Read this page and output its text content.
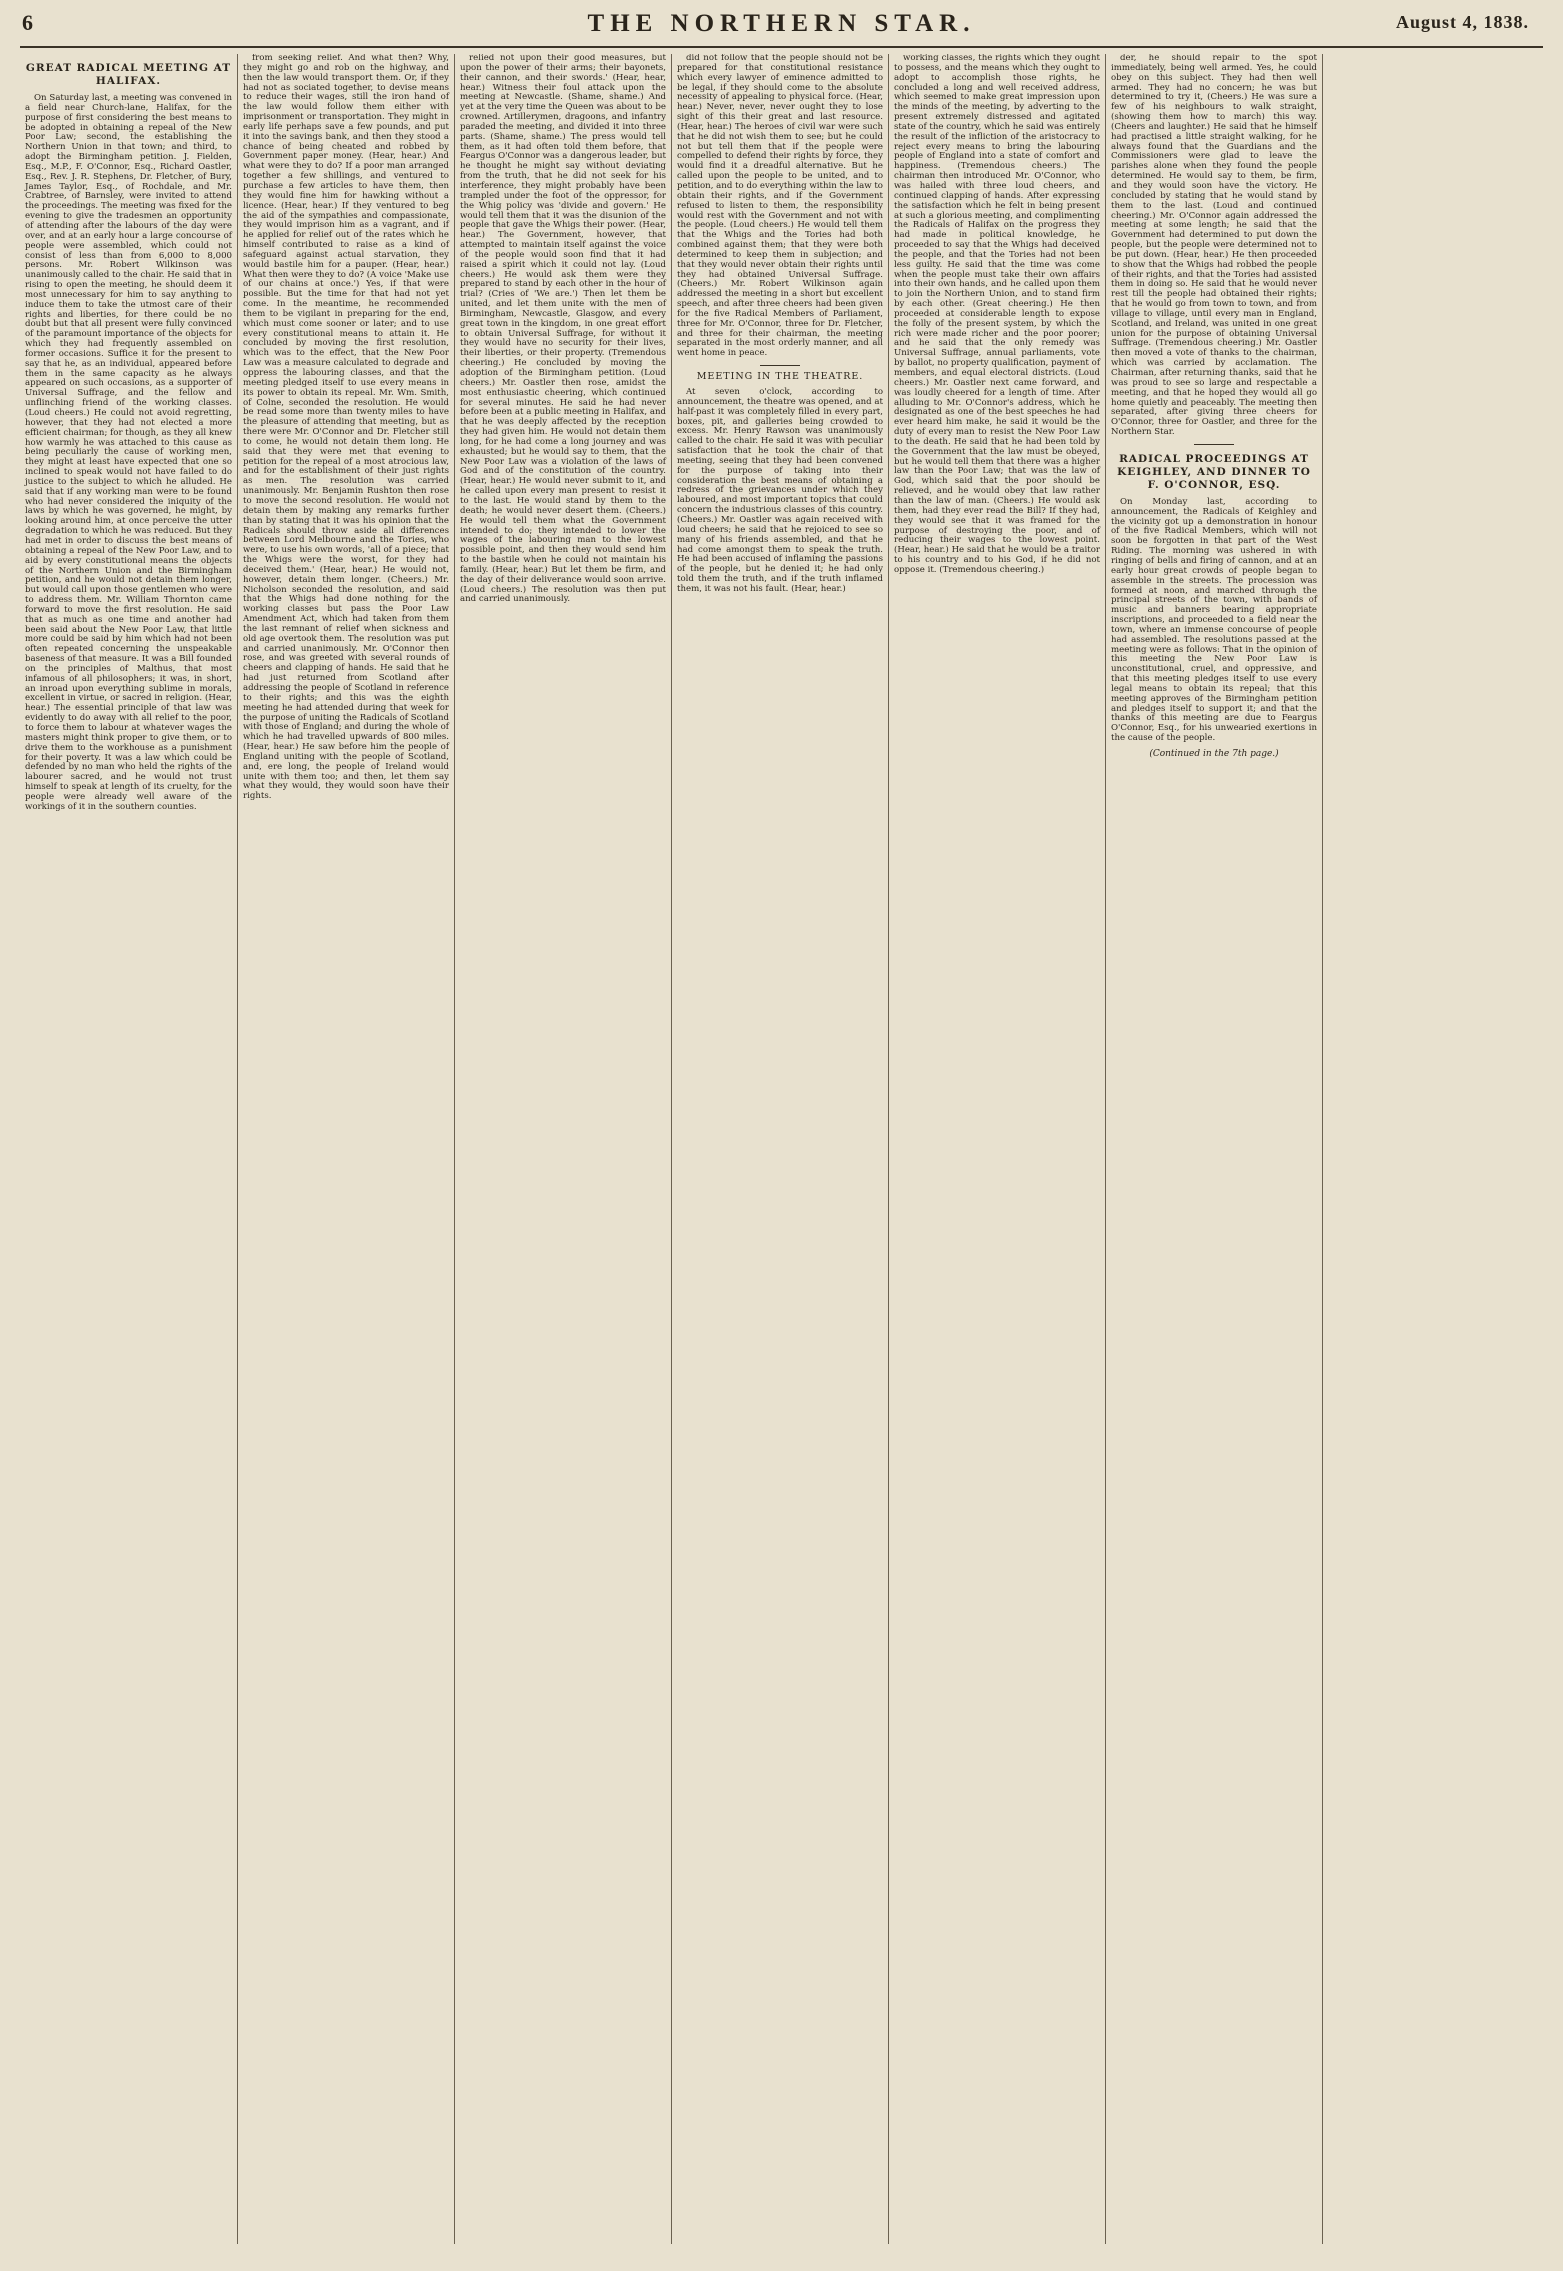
6	THE NORTHERN STAR.	August 4, 1838.
GREAT RADICAL MEETING AT HALIFAX.

On Saturday last, a meeting was convened in a field near Church-lane, Halifax, for the purpose of first considering the best means to be adopted in obtaining a repeal of the New Poor Law; second, the establishing the Northern Union in that town; and third, to adopt the Birmingham petition. J. Fielden, Esq., M.P., F. O'Connor, Esq., Richard Oastler, Esq., Rev. J. R. Stephens, Dr. Fletcher, of Bury, James Taylor, Esq., of Rochdale, and Mr. Crabtree, of Barnsley, were invited to attend the proceedings. The meeting was fixed for the evening to give the tradesmen an opportunity of attending after the labours of the day were over, and at an early hour a large concourse of people were assembled, which could not consist of less than from 6,000 to 8,000 persons. Mr. Robert Wilkinson was unanimously called to the chair. He said that in rising to open the meeting, he should deem it most unnecessary for him to say anything to induce them to take the utmost care of their rights and liberties, for there could be no doubt but that all present were fully convinced of the paramount importance of the objects for which they had frequently assembled on former occasions. Suffice it for the present to say that he, as an individual, appeared before them in the same capacity as he always appeared on such occasions, as a supporter of Universal Suffrage, and the fellow and unflinching friend of the working classes. (Loud cheers.) He could not avoid regretting, however, that they had not elected a more efficient chairman; for though, as they all knew how warmly he was attached to this cause as being peculiarly the cause of working men, they might at least have expected that one so inclined to speak would not have failed to do justice to the subject to which he alluded. He said that if any working man were to be found who had never considered the iniquity of the laws by which he was governed, he might, by looking around him, at once perceive the utter degradation to which he was reduced. But they had met in order to discuss the best means of obtaining a repeal of the New Poor Law, and to aid by every constitutional means the objects of the Northern Union and the Birmingham petition, and he would not detain them longer, but would call upon those gentlemen who were to address them. Mr. William Thornton came forward to move the first resolution. He said that as much as one time and another had been said about the New Poor Law, that little more could be said by him which had not been often repeated concerning the unspeakable baseness of that measure. It was a Bill founded on the principles of Malthus, that most infamous of all philosophers; it was, in short, an inroad upon everything sublime in morals, excellent in virtue, or sacred in religion. (Hear, hear.) The essential principle of that law was evidently to do away with all relief to the poor, to force them to labour at whatever wages the masters might think proper to give them, or to drive them to the workhouse as a punishment for their poverty. It was a law which could be defended by no man who held the rights of the labourer sacred, and he would not trust himself to speak at length of its cruelty, for the people were already well aware of the workings of it in the southern counties.

from seeking relief. And what then? Why, they might go and rob on the highway, and then the law would transport them. Or, if they had not as sociated together, to devise means to reduce their wages, still the iron hand of the law would follow them either with imprisonment or transportation. They might in early life perhaps save a few pounds, and put it into the savings bank, and then they stood a chance of being cheated and robbed by Government paper money. (Hear, hear.) And what were they to do? If a poor man arranged together a few shillings, and ventured to purchase a few articles to have them, then they would fine him for hawking without a licence. (Hear, hear.) If they ventured to beg the aid of the sympathies and compassionate, they would imprison him as a vagrant, and if he applied for relief out of the rates which he himself contributed to raise as a kind of safeguard against actual starvation, they would bastile him for a pauper. (Hear, hear.) What then were they to do? (A voice 'Make use of our chains at once.') Yes, if that were possible. But the time for that had not yet come. In the meantime, he recommended them to be vigilant in preparing for the end, which must come sooner or later; and to use every constitutional means to attain it. He concluded by moving the first resolution, which was to the effect, that the New Poor Law was a measure calculated to degrade and oppress the labouring classes, and that the meeting pledged itself to use every means in its power to obtain its repeal. Mr. Wm. Smith, of Colne, seconded the resolution. He would be read some more than twenty miles to have the pleasure of attending that meeting, but as there were Mr. O'Connor and Dr. Fletcher still to come, he would not detain them long. He said that they were met that evening to petition for the repeal of a most atrocious law, and for the establishment of their just rights as men. The resolution was carried unanimously. Mr. Benjamin Rushton then rose to move the second resolution. He would not detain them by making any remarks further than by stating that it was his opinion that the Radicals should throw aside all differences between Lord Melbourne and the Tories, who were, to use his own words, 'all of a piece; that the Whigs were the worst, for they had deceived them.' (Hear, hear.) He would not, however, detain them longer. (Cheers.) Mr. Nicholson seconded the resolution, and said that the Whigs had done nothing for the working classes but pass the Poor Law Amendment Act, which had taken from them the last remnant of relief when sickness and old age overtook them. The resolution was put and carried unanimously. Mr. O'Connor then rose, and was greeted with several rounds of cheers and clapping of hands. He said that he had just returned from Scotland after addressing the people of Scotland in reference to their rights; and this was the eighth meeting he had attended during that week for the purpose of uniting the Radicals of Scotland with those of England; and during the whole of which he had travelled upwards of 800 miles. (Hear, hear.) He saw before him the people of England uniting with the people of Scotland, and, ere long, the people of Ireland would unite with them too; and then, let them say what they would, they would soon have their rights.

relied not upon their good measures, but upon the power of their arms; their bayonets, their cannon, and their swords.' (Hear, hear, hear.) Witness their foul attack upon the meeting at Newcastle. (Shame, shame.) And yet at the very time the Queen was about to be crowned. Artillerymen, dragoons, and infantry paraded the meeting, and divided it into three parts. (Shame, shame.) The press would tell them, as it had often told them before, that Feargus O'Connor was a dangerous leader, but he thought he might say without deviating from the truth, that he did not seek for his interference, they might probably have been trampled under the foot of the oppressor, for the Whig policy was 'divide and govern.' He would tell them that it was the disunion of the people that gave the Whigs their power. (Hear, hear.) The Government, however, that attempted to maintain itself against the voice of the people would soon find that it had raised a spirit which it could not lay. (Loud cheers.) He would ask them were they prepared to stand by each other in the hour of trial? (Cries of 'We are.') Then let them be united, and let them unite with the men of Birmingham, Newcastle, Glasgow, and every great town in the kingdom, in one great effort to obtain Universal Suffrage, for without it they would have no security for their lives, their liberties, or their property. (Tremendous cheering.) He concluded by moving the adoption of the Birmingham petition. (Loud cheers.) Mr. Oastler then rose, amidst the most enthusiastic cheering, which continued for several minutes. He said he had never before been at a public meeting in Halifax, and that he was deeply affected by the reception they had given him. He would not detain them long, for he had come a long journey and was exhausted; but he would say to them, that the New Poor Law was a violation of the laws of God and of the constitution of the country. (Hear, hear.) He would never submit to it, and he called upon every man present to resist it to the last. He would stand by them to the death; he would never desert them. (Cheers.) He would tell them what the Government intended to do; they intended to lower the wages of the labouring man to the lowest possible point, and then they would send him to the bastile when he could not maintain his family. (Hear, hear.) But let them be firm, and the day of their deliverance would soon arrive. (Loud cheers.) The resolution was then put and carried unanimously.

did not follow that the people should not be prepared for that constitutional resistance which every lawyer of eminence admitted to be legal, if they should come to the absolute necessity of appealing to physical force. (Hear, hear.) Never, never, never ought they to lose sight of this their great and last resource. (Hear, hear.) The heroes of civil war were such that he did not wish them to see; but he could not but tell them that if the people were compelled to defend their rights by force, they would find it a dreadful alternative. But he called upon the people to be united, and to petition, and to do everything within the law to obtain their rights, and if the Government refused to listen to them, the responsibility would rest with the Government and not with the people. (Loud cheers.) He would tell them that the Whigs and the Tories had both combined against them; that they were both determined to keep them in subjection; and that they would never obtain their rights until they had obtained Universal Suffrage. (Cheers.) Mr. Robert Wilkinson again addressed the meeting in a short but excellent speech, and after three cheers had been given for the five Radical Members of Parliament, three for Mr. O'Connor, three for Dr. Fletcher, and three for their chairman, the meeting separated in the most orderly manner, and all went home in peace.

MEETING IN THE THEATRE.

At seven o'clock, according to announcement, the theatre was opened, and at half-past it was completely filled in every part, boxes, pit, and galleries being crowded to excess. Mr. Henry Rawson was unanimously called to the chair. He said it was with peculiar satisfaction that he took the chair of that meeting, seeing that they had been convened for the purpose of taking into their consideration the best means of obtaining a redress of the grievances under which they laboured, and most important topics that could concern the industrious classes of this country. (Cheers.) Mr. Oastler was again received with loud cheers; he said that he rejoiced to see so many of his friends assembled, and that he had come amongst them to speak the truth. He had been accused of inflaming the passions of the people, but he denied it; he had only told them the truth, and if the truth inflamed them, it was not his fault. (Hear, hear.)

working classes, the rights which they ought to possess, and the means which they ought to adopt to accomplish those rights, he concluded a long and well received address, which seemed to make great impression upon the minds of the meeting, by adverting to the present extremely distressed and agitated state of the country, which he said was entirely the result of the infliction of the aristocracy to reject every means to bring the labouring people of England into a state of comfort and happiness. (Tremendous cheers.) The chairman then introduced Mr. O'Connor, who was hailed with three loud cheers, and continued clapping of hands. After expressing the satisfaction which he felt in being present at such a glorious meeting, and complimenting the Radicals of Halifax on the progress they had made in political knowledge, he proceeded to say that the Whigs had deceived the people, and that the Tories had not been less guilty. He said that the time was come when the people must take their own affairs into their own hands, and he called upon them to join the Northern Union, and to stand firm by each other. (Great cheering.) He then proceeded at considerable length to expose the folly of the present system, by which the rich were made richer and the poor poorer; and he said that the only remedy was Universal Suffrage, annual parliaments, vote by ballot, no property qualification, payment of members, and equal electoral districts. (Loud cheers.) Mr. Oastler next came forward, and was loudly cheered for a length of time. After alluding to Mr. O'Connor's address, which he designated as one of the best speeches he had ever heard him make, he said it would be the duty of every man to resist the New Poor Law to the death. He said that he had been told by the Government that the law must be obeyed, but he would tell them that there was a higher law than the Poor Law; that was the law of God, which said that the poor should be relieved, and he would obey that law rather than the law of man. (Cheers.) He would ask them, had they ever read the Bill? If they had, they would see that it was framed for the purpose of destroying the poor, and of reducing their wages to the lowest point. (Hear, hear.) He said that he would be a traitor to his country and to his God, if he did not oppose it. (Tremendous cheering.)

der, he should repair to the spot immediately, being well armed. Yes, he could obey on this subject. They had then well armed. They had no concern; he was but determined to try it, (Cheers.) He was sure a few of his neighbours to walk straight, (showing them how to march) this way. (Cheers and laughter.) He said that he himself had practised a little straight walking, for he always found that the Guardians and the Commissioners were glad to leave the parishes alone when they found the people determined. He would say to them, be firm, and they would soon have the victory. He concluded by stating that he would stand by them to the last. (Loud and continued cheering.) Mr. O'Connor again addressed the meeting at some length; he said that the Government had determined to put down the people, but the people were determined not to be put down. (Hear, hear.) He then proceeded to show that the Whigs had robbed the people of their rights, and that the Tories had assisted them in doing so. He said that he would never rest till the people had obtained their rights; that he would go from town to town, and from village to village, until every man in England, Scotland, and Ireland, was united in one great union for the purpose of obtaining Universal Suffrage. (Tremendous cheering.) Mr. Oastler then moved a vote of thanks to the chairman, which was carried by acclamation. The Chairman, after returning thanks, said that he was proud to see so large and respectable a meeting, and that he hoped they would all go home quietly and peaceably. The meeting then separated, after giving three cheers for O'Connor, three for Oastler, and three for the Northern Star.

RADICAL PROCEEDINGS AT KEIGHLEY, AND DINNER TO F. O'CONNOR, ESQ.

On Monday last, according to announcement, the Radicals of Keighley and the vicinity got up a demonstration in honour of the five Radical Members, which will not soon be forgotten in that part of the West Riding. The morning was ushered in with ringing of bells and firing of cannon, and at an early hour great crowds of people began to assemble in the streets. The procession was formed at noon, and marched through the principal streets of the town, with bands of music and banners bearing appropriate inscriptions, and proceeded to a field near the town, where an immense concourse of people had assembled. The resolutions passed at the meeting were as follows: That in the opinion of this meeting the New Poor Law is unconstitutional, cruel, and oppressive, and that this meeting pledges itself to use every legal means to obtain its repeal; that this meeting approves of the Birmingham petition and pledges itself to support it; and that the thanks of this meeting are due to Feargus O'Connor, Esq., for his unwearied exertions in the cause of the people.

(Continued in the 7th page.)
